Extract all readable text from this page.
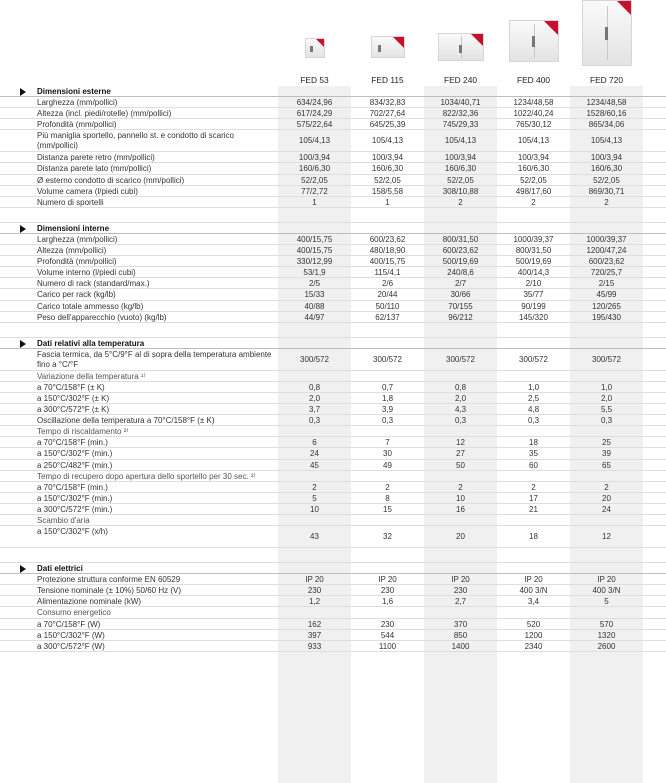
FED 53	FED 115	FED 240	FED 400	FED 720
Dimensioni esterne
Larghezza (mm/pollici)	634/24,96	834/32,83	1034/40,71	1234/48,58	1234/48,58
Altezza (incl. piedi/rotelle) (mm/pollici)	617/24,29	702/27,64	822/32,36	1022/40,24	1528/60,16
Profondità (mm/pollici)	575/22,64	645/25,39	745/29,33	765/30,12	865/34,06
Più maniglia sportello, pannello st. e condotto di scarico (mm/pollici)
105/4,13	105/4,13	105/4,13	105/4,13	105/4,13
Distanza parete retro (mm/pollici)	100/3,94	100/3,94	100/3,94	100/3,94	100/3,94
Distanza parete lato (mm/pollici)	160/6,30	160/6,30	160/6,30	160/6,30	160/6,30
Ø esterno condotto di scarico (mm/pollici)	52/2,05	52/2,05	52/2,05	52/2,05	52/2,05
Volume camera (l/piedi cubi)	77/2,72	158/5,58	308/10,88	498/17,60	869/30,71
Numero di sportelli	1	1	2	2	2
Dimensioni interne
Larghezza (mm/pollici)	400/15,75	600/23,62	800/31,50	1000/39,37	1000/39,37
Altezza (mm/pollici)	400/15,75	480/18,90	600/23,62	800/31,50	1200/47,24
Profondità (mm/pollici)	330/12,99	400/15,75	500/19,69	500/19,69	600/23,62
Volume interno (l/piedi cubi)	53/1,9	115/4,1	240/8,6	400/14,3	720/25,7
Numero di rack (standard/max.)	2/5	2/6	2/7	2/10	2/15
Carico per rack (kg/lb)	15/33	20/44	30/66	35/77	45/99
Carico totale ammesso (kg/lb)	40/88	50/110	70/155	90/199	120/265
Peso dell'apparecchio (vuoto) (kg/lb)	44/97	62/137	96/212	145/320	195/430
Dati relativi alla temperatura
Fascia termica, da 5°C/9°F al di sopra della temperatura ambiente fino a °C/°F
300/572	300/572	300/572	300/572	300/572
Variazione della temperatura ¹⁾
a 70°C/158°F (± K)	0,8	0,7	0,8	1,0	1,0
a 150°C/302°F (± K)	2,0	1,8	2,0	2,5	2,0
a 300°C/572°F (± K)	3,7	3,9	4,3	4,8	5,5
Oscillazione della temperatura a 70°C/158°F (± K)	0,3	0,3	0,3	0,3	0,3
Tempo di riscaldamento ²⁾
a 70°C/158°F (min.)	6	7	12	18	25
a 150°C/302°F (min.)	24	30	27	35	39
a 250°C/482°F (min.)	45	49	50	60	65
Tempo di recupero dopo apertura dello sportello per 30 sec. ²⁾
a 70°C/158°F (min.)	2	2	2	2	2
a 150°C/302°F (min.)	5	8	10	17	20
a 300°C/572°F (min.)	10	15	16	21	24
Scambio d'aria
a 150°C/302°F (x/h)
43	32	20	18	12
Dati elettrici
Protezione struttura conforme EN 60529	IP 20	IP 20	IP 20	IP 20	IP 20
Tensione nominale (± 10%) 50/60 Hz (V)	230	230	230	400 3/N	400 3/N
Alimentazione nominale (kW)	1,2	1,6	2,7	3,4	5
Consumo energetico
a 70°C/158°F (W)	162	230	370	520	570
a 150°C/302°F (W)	397	544	850	1200	1320
a 300°C/572°F (W)	933	1100	1400	2340	2600
